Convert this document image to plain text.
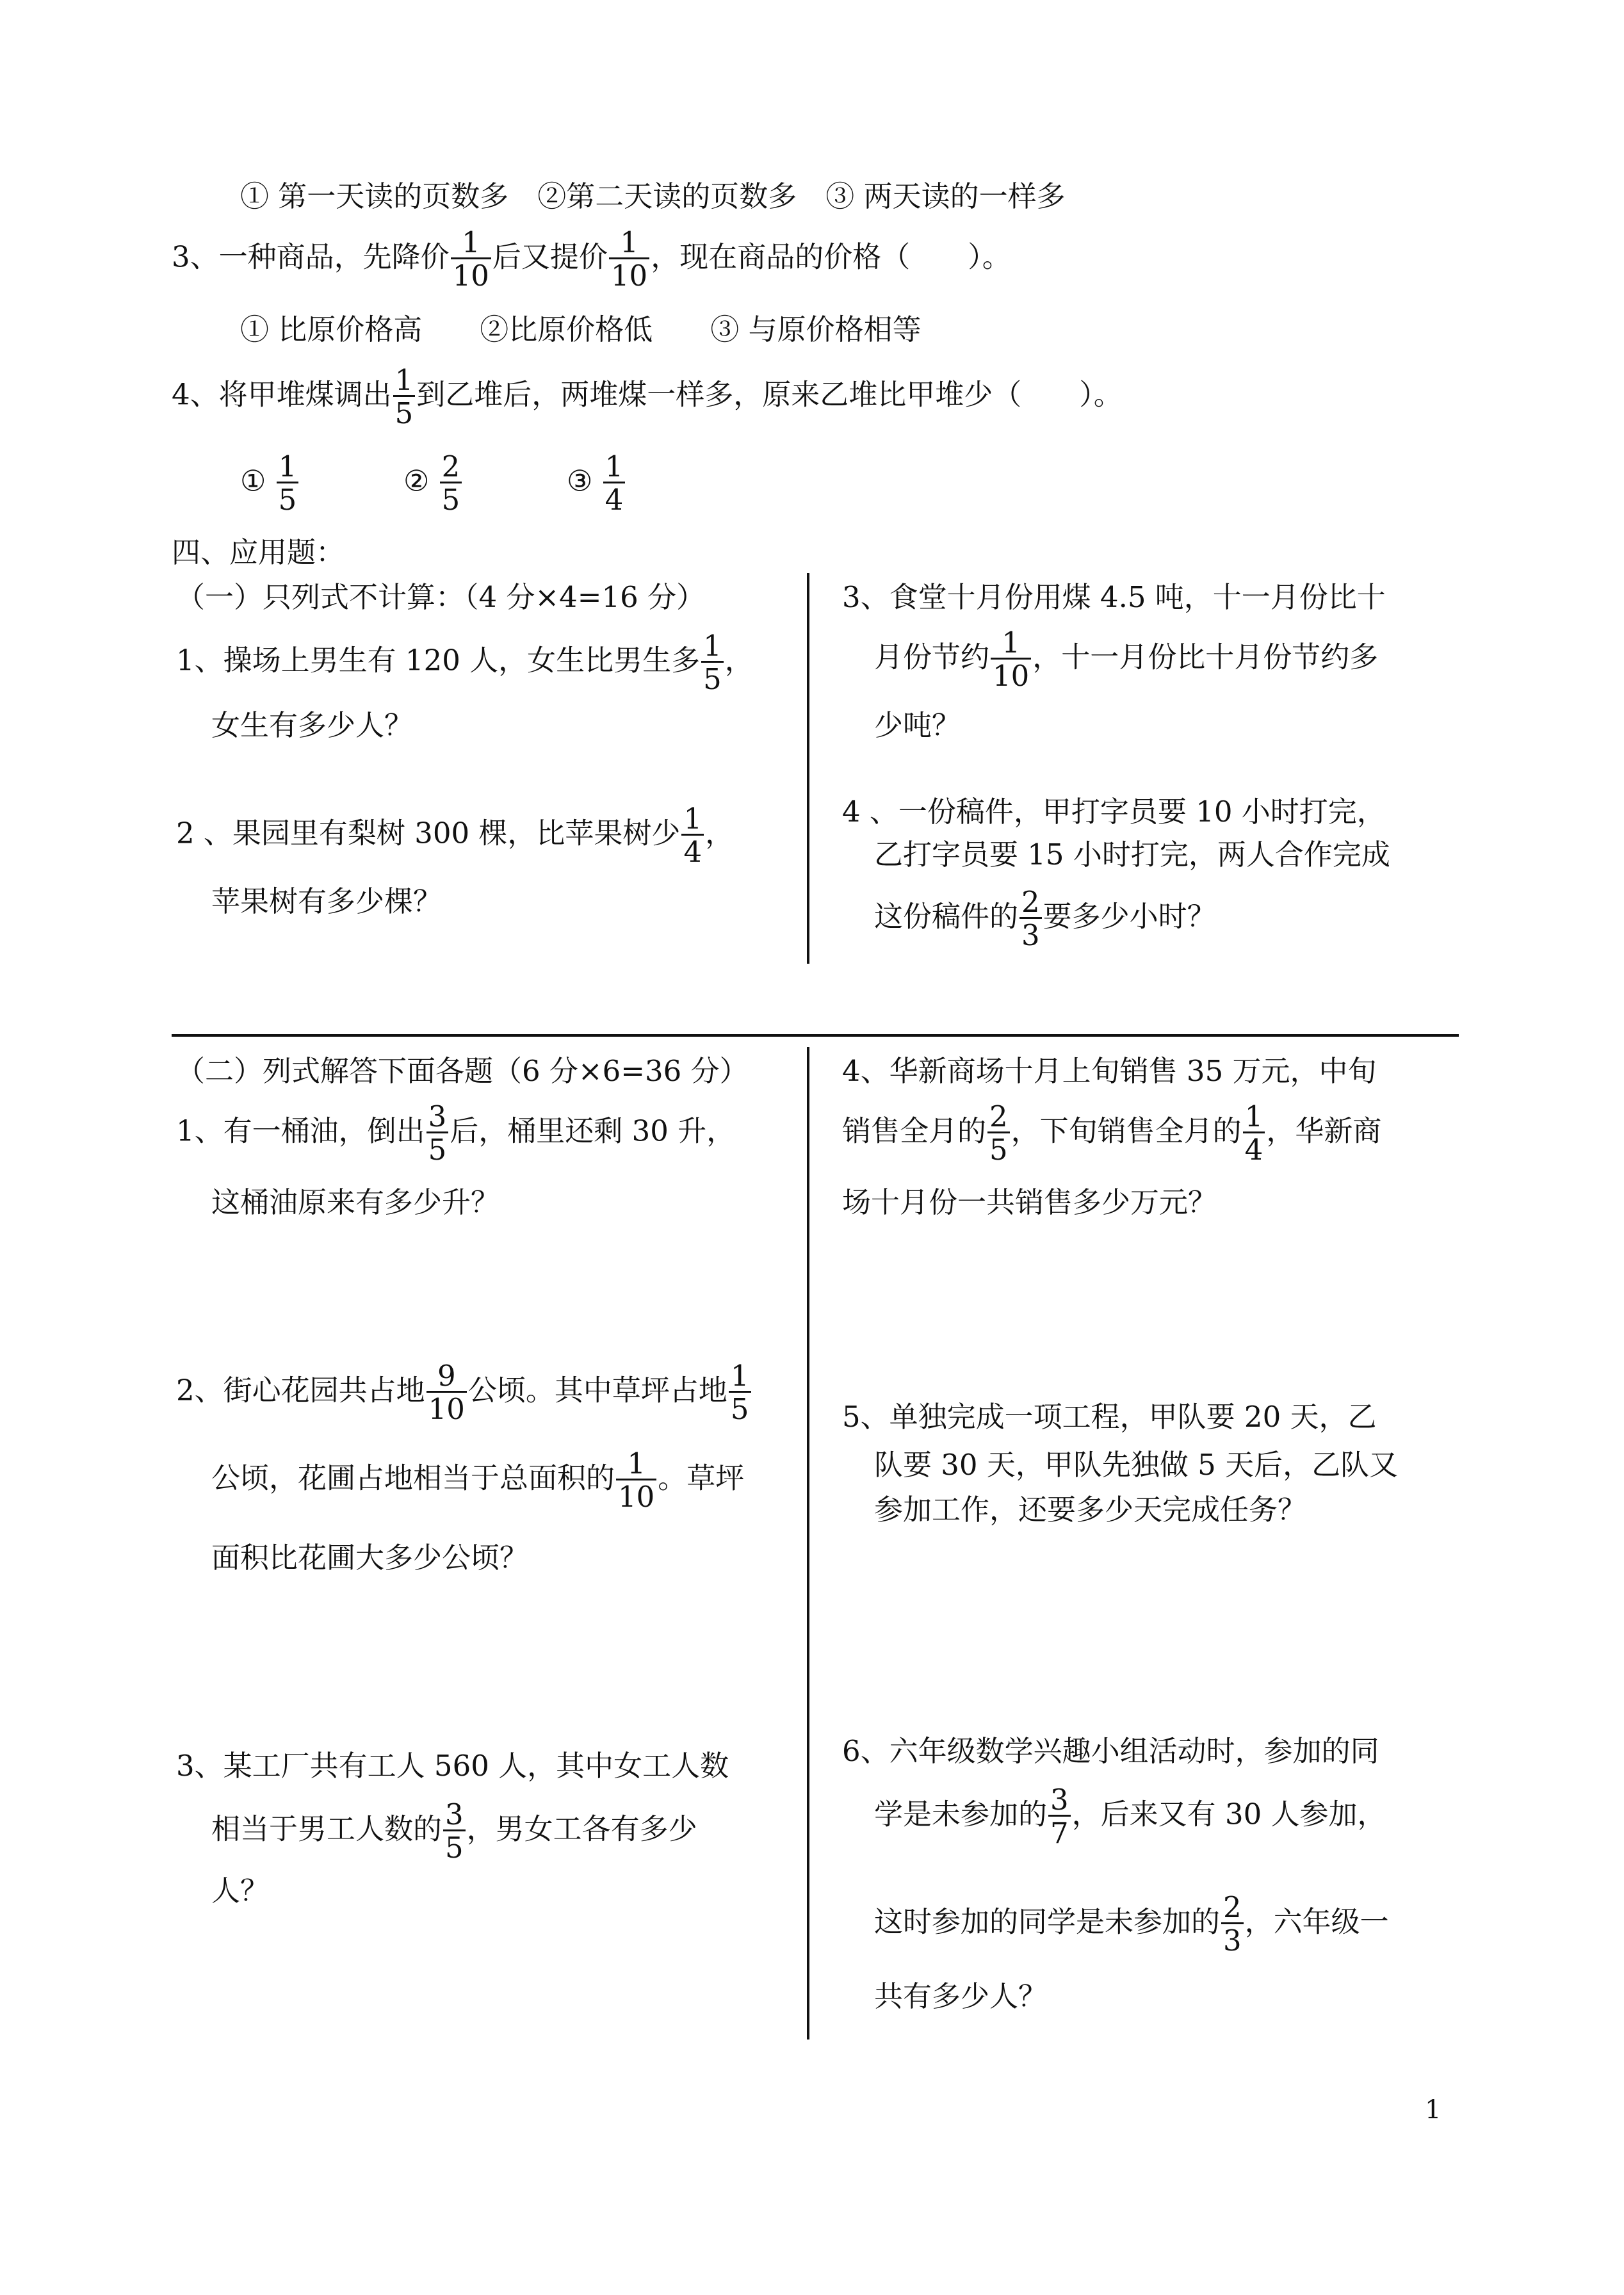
① 第一天读的页数多　②第二天读的页数多　③ 两天读的一样多
3、一种商品，先降价 $\frac{1}{10}$ 后又提价 $\frac{1}{10}$ ，现在商品的价格（　　）。
① 比原价格高　　②比原价格低　　③ 与原价格相等
4、将甲堆煤调出 $\frac{1}{5}$ 到乙堆后，两堆煤一样多，原来乙堆比甲堆少（　　）。
① $\frac{1}{5}$	② $\frac{2}{5}$	③ $\frac{1}{4}$
四、应用题：
（一）只列式不计算：（4 分×4=16 分）
1、操场上男生有 120 人，女生比男生多 $\frac{1}{5}$ ，
女生有多少人？
2 、果园里有梨树 300 棵，比苹果树少 $\frac{1}{4}$ ，
苹果树有多少棵？
3、食堂十月份用煤 4.5 吨，十一月份比十
月份节约 $\frac{1}{10}$ ，十一月份比十月份节约多
少吨？
4 、一份稿件，甲打字员要 10 小时打完，
乙打字员要 15 小时打完，两人合作完成
这份稿件的 $\frac{2}{3}$ 要多少小时？
（二）列式解答下面各题（6 分×6=36 分）
1、有一桶油，倒出 $\frac{3}{5}$ 后，桶里还剩 30 升，
这桶油原来有多少升？
2、街心花园共占地 $\frac{9}{10}$ 公顷。其中草坪占地 $\frac{1}{5}$
公顷，花圃占地相当于总面积的 $\frac{1}{10}$ 。草坪
面积比花圃大多少公顷？
3、某工厂共有工人 560 人，其中女工人数
相当于男工人数的 $\frac{3}{5}$ ，男女工各有多少
人？
4、华新商场十月上旬销售 35 万元，中旬
销售全月的 $\frac{2}{5}$ ，下旬销售全月的 $\frac{1}{4}$ ，华新商
场十月份一共销售多少万元？
5、单独完成一项工程，甲队要 20 天，乙
队要 30 天，甲队先独做 5 天后，乙队又
参加工作，还要多少天完成任务？
6、六年级数学兴趣小组活动时，参加的同
学是未参加的 $\frac{3}{7}$ ，后来又有 30 人参加，
这时参加的同学是未参加的 $\frac{2}{3}$ ，六年级一
共有多少人？
1
